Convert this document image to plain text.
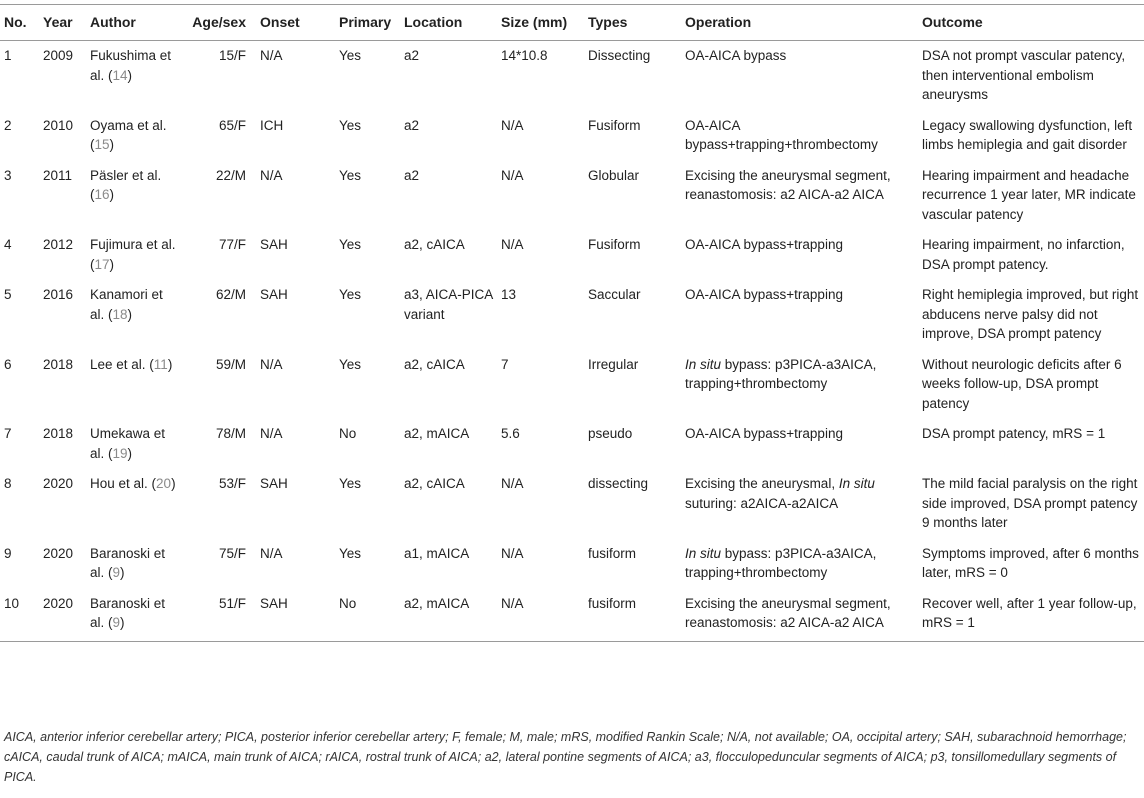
No.	Year	Author	Age/sex	Onset	Primary	Location	Size (mm)	Types	Operation	Outcome
1	2009	Fukushima et al. (14)	15/F	N/A	Yes	a2	14*10.8	Dissecting	OA-AICA bypass	DSA not prompt vascular patency, then interventional embolism aneurysms
2	2010	Oyama et al. (15)	65/F	ICH	Yes	a2	N/A	Fusiform	OA-AICA bypass+trapping+thrombectomy	Legacy swallowing dysfunction, left limbs hemiplegia and gait disorder
3	2011	Päsler et al. (16)	22/M	N/A	Yes	a2	N/A	Globular	Excising the aneurysmal segment, reanastomosis: a2 AICA-a2 AICA	Hearing impairment and headache recurrence 1 year later, MR indicate vascular patency
4	2012	Fujimura et al. (17)	77/F	SAH	Yes	a2, cAICA	N/A	Fusiform	OA-AICA bypass+trapping	Hearing impairment, no infarction, DSA prompt patency.
5	2016	Kanamori et al. (18)	62/M	SAH	Yes	a3, AICA-PICA variant	13	Saccular	OA-AICA bypass+trapping	Right hemiplegia improved, but right abducens nerve palsy did not improve, DSA prompt patency
6	2018	Lee et al. (11)	59/M	N/A	Yes	a2, cAICA	7	Irregular	In situ bypass: p3PICA-a3AICA, trapping+thrombectomy	Without neurologic deficits after 6 weeks follow-up, DSA prompt patency
7	2018	Umekawa et al. (19)	78/M	N/A	No	a2, mAICA	5.6	pseudo	OA-AICA bypass+trapping	DSA prompt patency, mRS = 1
8	2020	Hou et al. (20)	53/F	SAH	Yes	a2, cAICA	N/A	dissecting	Excising the aneurysmal, In situ suturing: a2AICA-a2AICA	The mild facial paralysis on the right side improved, DSA prompt patency 9 months later
9	2020	Baranoski et al. (9)	75/F	N/A	Yes	a1, mAICA	N/A	fusiform	In situ bypass: p3PICA-a3AICA, trapping+thrombectomy	Symptoms improved, after 6 months later, mRS = 0
10	2020	Baranoski et al. (9)	51/F	SAH	No	a2, mAICA	N/A	fusiform	Excising the aneurysmal segment, reanastomosis: a2 AICA-a2 AICA	Recover well, after 1 year follow-up, mRS = 1
AICA, anterior inferior cerebellar artery; PICA, posterior inferior cerebellar artery; F, female; M, male; mRS, modified Rankin Scale; N/A, not available; OA, occipital artery; SAH, subarachnoid hemorrhage; cAICA, caudal trunk of AICA; mAICA, main trunk of AICA; rAICA, rostral trunk of AICA; a2, lateral pontine segments of AICA; a3, flocculopeduncular segments of AICA; p3, tonsillomedullary segments of PICA.
